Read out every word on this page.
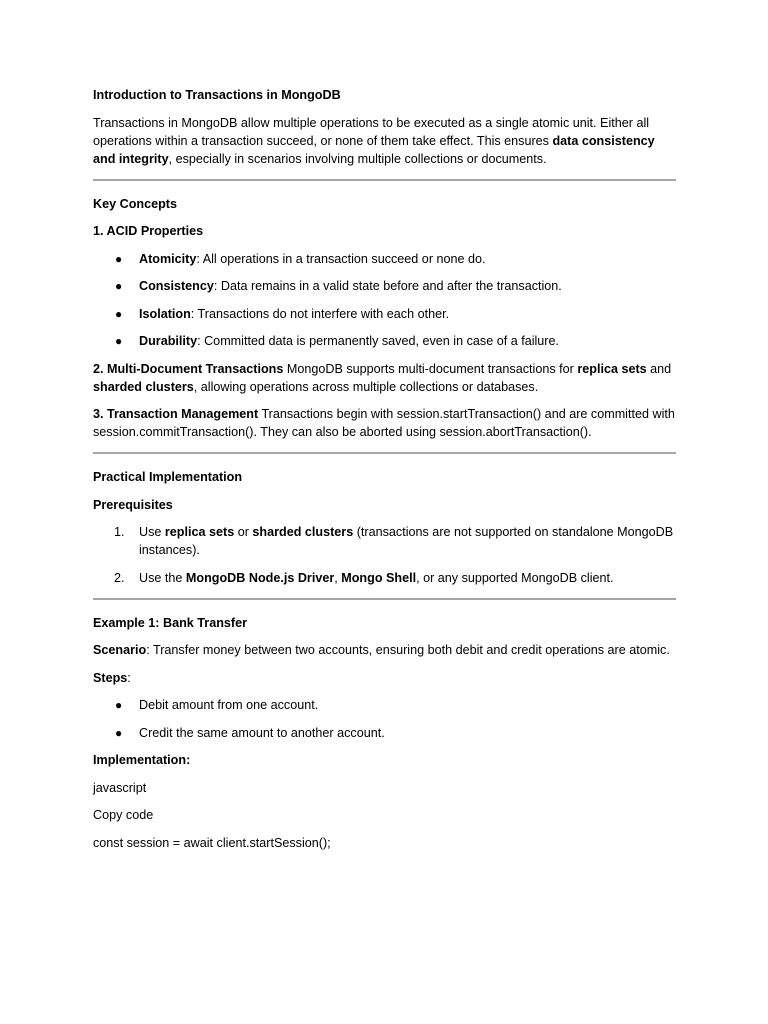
Introduction to Transactions in MongoDB

Transactions in MongoDB allow multiple operations to be executed as a single atomic unit. Either all operations within a transaction succeed, or none of them take effect. This ensures data consistency and integrity, especially in scenarios involving multiple collections or documents.

Key Concepts

1. ACID Properties

● Atomicity: All operations in a transaction succeed or none do.
● Consistency: Data remains in a valid state before and after the transaction.
● Isolation: Transactions do not interfere with each other.
● Durability: Committed data is permanently saved, even in case of a failure.

2. Multi-Document Transactions MongoDB supports multi-document transactions for replica sets and sharded clusters, allowing operations across multiple collections or databases.

3. Transaction Management Transactions begin with session.startTransaction() and are committed with session.commitTransaction(). They can also be aborted using session.abortTransaction().

Practical Implementation

Prerequisites

1. Use replica sets or sharded clusters (transactions are not supported on standalone MongoDB instances).
2. Use the MongoDB Node.js Driver, Mongo Shell, or any supported MongoDB client.

Example 1: Bank Transfer

Scenario: Transfer money between two accounts, ensuring both debit and credit operations are atomic.

Steps:

● Debit amount from one account.
● Credit the same amount to another account.

Implementation:

javascript

Copy code

const session = await client.startSession();
